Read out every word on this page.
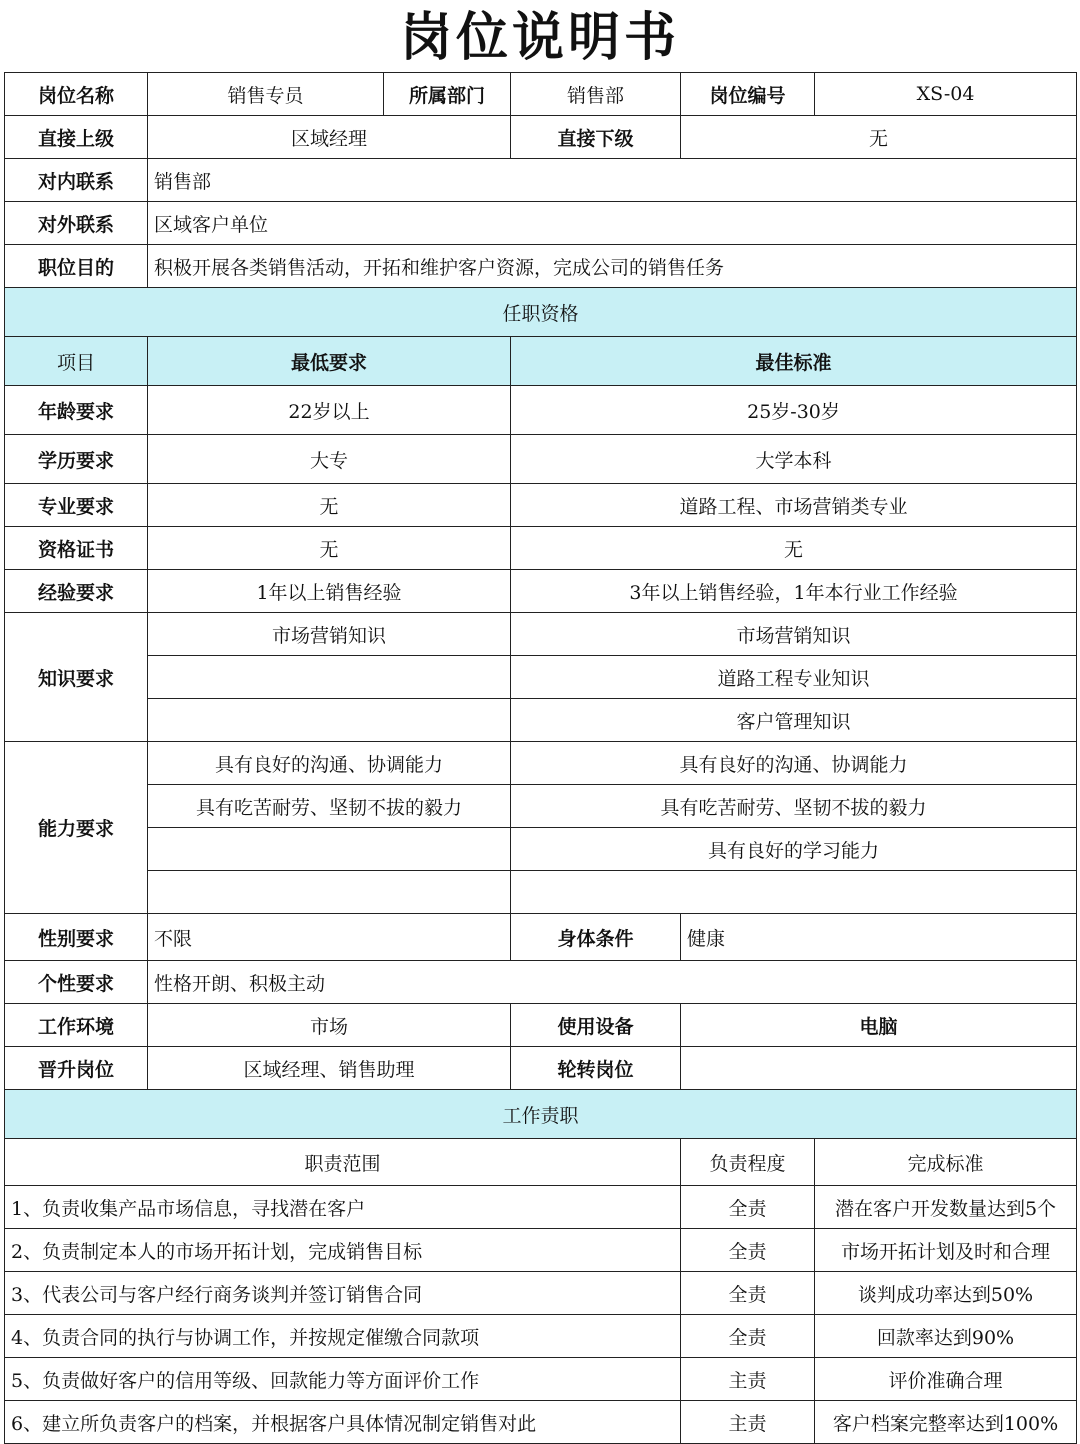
岗位说明书
岗位名称	销售专员	所属部门	销售部	岗位编号	XS-04
直接上级	区域经理		直接下级	无	
对内联系	销售部				
对外联系	区域客户单位				
职位目的	积极开展各类销售活动，开拓和维护客户资源，完成公司的销售任务				
任职资格					
项目	最低要求		最佳标准		
年龄要求	22岁以上		25岁-30岁		
学历要求	大专		大学本科		
专业要求	无		道路工程、市场营销类专业		
资格证书	无		无		
经验要求	1年以上销售经验		3年以上销售经验，1年本行业工作经验		
知识要求	市场营销知识		市场营销知识		
			道路工程专业知识		
			客户管理知识		
能力要求	具有良好的沟通、协调能力		具有良好的沟通、协调能力		
	具有吃苦耐劳、坚韧不拔的毅力		具有吃苦耐劳、坚韧不拔的毅力		
			具有良好的学习能力		

性别要求	不限		身体条件	健康	
个性要求	性格开朗、积极主动				
工作环境	市场		使用设备	电脑	
晋升岗位	区域经理、销售助理		轮转岗位		
工作责职					
职责范围				负责程度	完成标准
1、负责收集产品市场信息，寻找潜在客户				全责	潜在客户开发数量达到5个
2、负责制定本人的市场开拓计划，完成销售目标				全责	市场开拓计划及时和合理
3、代表公司与客户经行商务谈判并签订销售合同				全责	谈判成功率达到50%
4、负责合同的执行与协调工作，并按规定催缴合同款项				全责	回款率达到90%
5、负责做好客户的信用等级、回款能力等方面评价工作				主责	评价准确合理
6、建立所负责客户的档案，并根据客户具体情况制定销售对此				主责	客户档案完整率达到100%
